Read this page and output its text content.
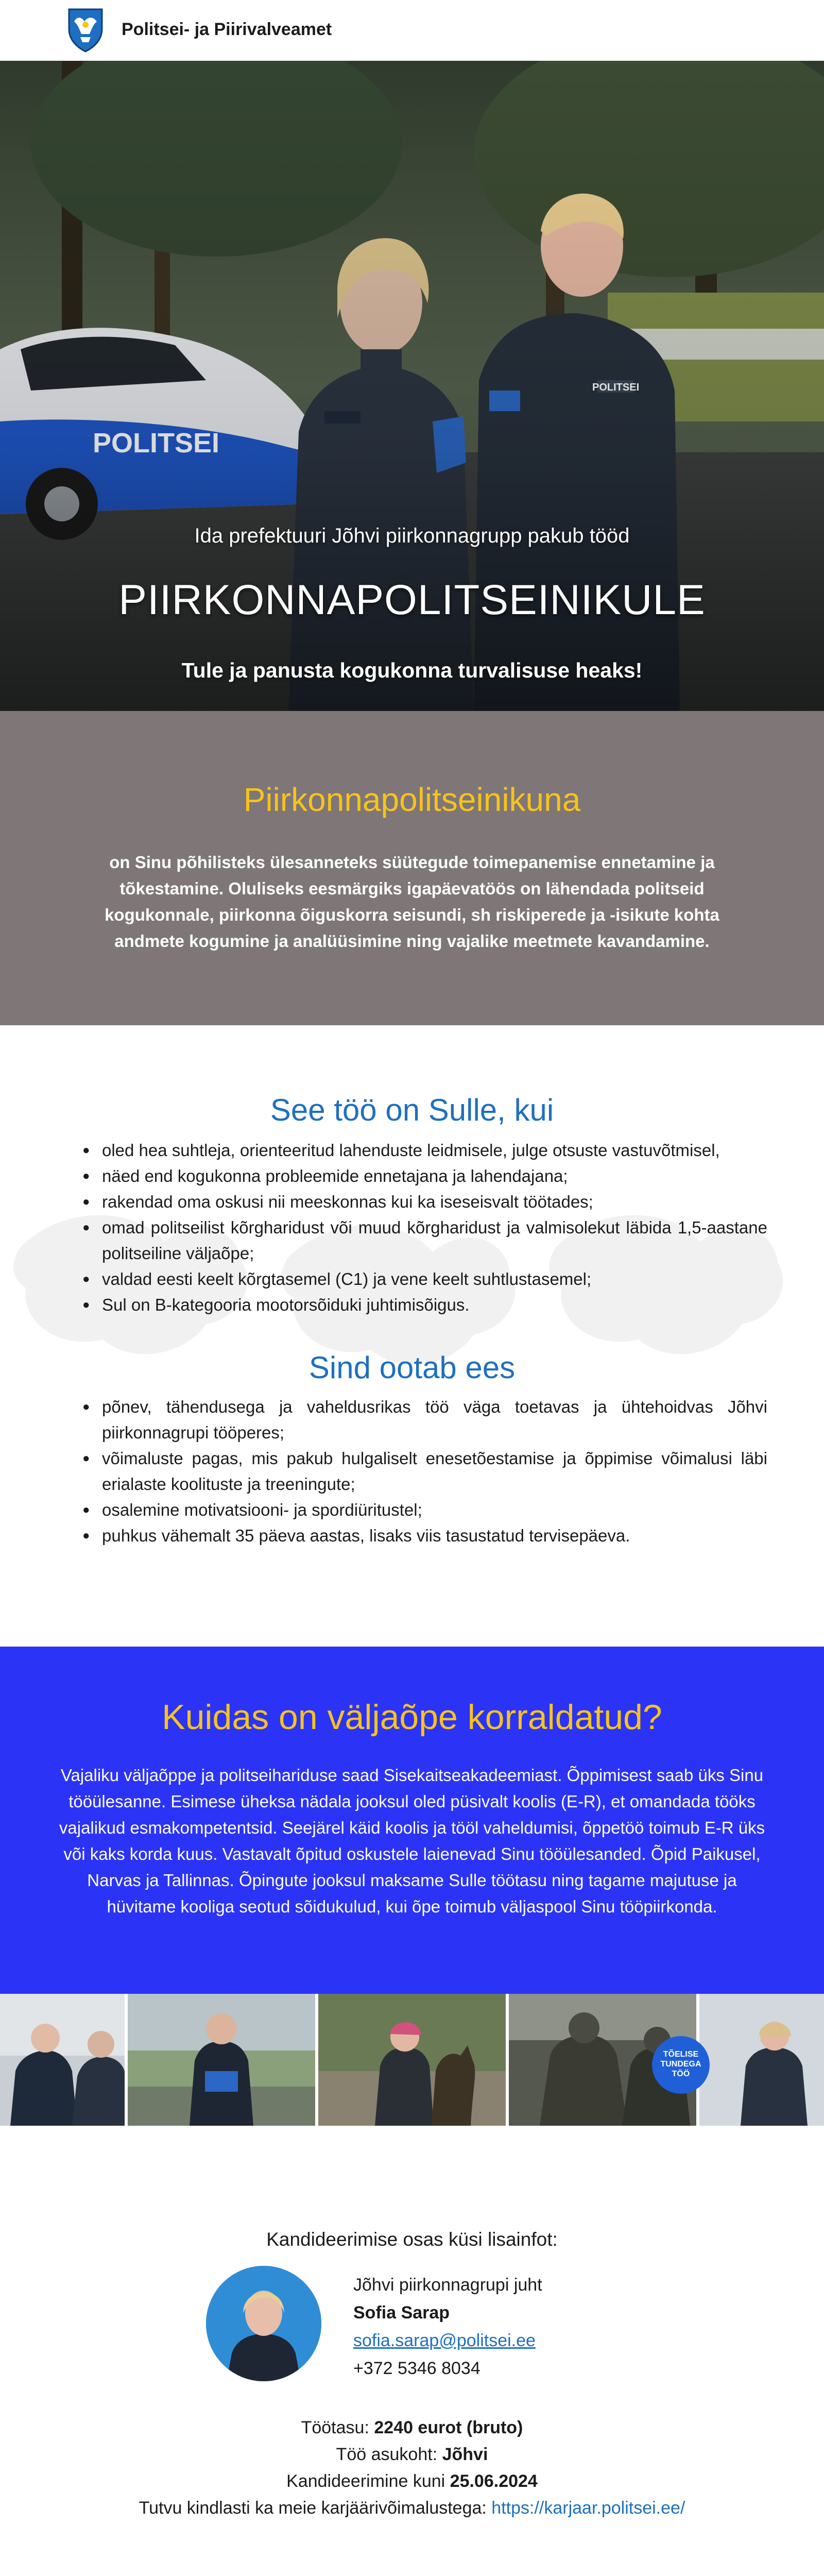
Politsei- ja Piirivalveamet
Ida prefektuuri Jõhvi piirkonnagrupp pakub tööd
PIIRKONNAPOLITSEINIKULE
Tule ja panusta kogukonna turvalisuse heaks!
Piirkonnapolitseinikuna

on Sinu põhilisteks ülesanneteks süütegude toimepanemise ennetamine ja tõkestamine. Oluliseks eesmärgiks igapäevatöös on lähendada politseid kogukonnale, piirkonna õiguskorra seisundi, sh riskiperede ja -isikute kohta andmete kogumine ja analüüsimine ning vajalike meetmete kavandamine.

See töö on Sulle, kui
● oled hea suhtleja, orienteeritud lahenduste leidmisele, julge otsuste vastuvõtmisel,
● näed end kogukonna probleemide ennetajana ja lahendajana;
● rakendad oma oskusi nii meeskonnas kui ka iseseisvalt töötades;
● omad politseilist kõrgharidust või muud kõrgharidust ja valmisolekut läbida 1,5-aastane politseiline väljaõpe;
● valdad eesti keelt kõrgtasemel (C1) ja vene keelt suhtlustasemel;
● Sul on B-kategooria mootorsõiduki juhtimisõigus.
Sind ootab ees
● põnev, tähendusega ja vaheldusrikas töö väga toetavas ja ühtehoidvas Jõhvi piirkonnagrupi tööperes;
● võimaluste pagas, mis pakub hulgaliselt enesetõestamise ja õppimise võimalusi läbi erialaste koolituste ja treeningute;
● osalemine motivatsiooni- ja spordiüritustel;
● puhkus vähemalt 35 päeva aastas, lisaks viis tasustatud tervisepäeva.
Kuidas on väljaõpe korraldatud?

Vajaliku väljaõppe ja politseihariduse saad Sisekaitseakadeemiast. Õppimisest saab üks Sinu tööülesanne. Esimese üheksa nädala jooksul oled püsivalt koolis (E-R), et omandada tööks vajalikud esmakompetentsid. Seejärel käid koolis ja tööl vaheldumisi, õppetöö toimub E-R üks või kaks korda kuus. Vastavalt õpitud oskustele laienevad Sinu tööülesanded. Õpid Paikusel, Narvas ja Tallinnas. Õpingute jooksul maksame Sulle töötasu ning tagame majutuse ja hüvitame kooliga seotud sõidukulud, kui õpe toimub väljaspool Sinu tööpiirkonda.

TÕELISE
TUNDEGA
TÖÖ
Kandideerimise osas küsi lisainfot:
Jõhvi piirkonnagrupi juht
Sofia Sarap
sofia.sarap@politsei.ee
+372 5346 8034
Töötasu: 2240 eurot (bruto)
Töö asukoht: Jõhvi
Kandideerimine kuni 25.06.2024
Tutvu kindlasti ka meie karjäärivõimalustega: https://karjaar.politsei.ee/
